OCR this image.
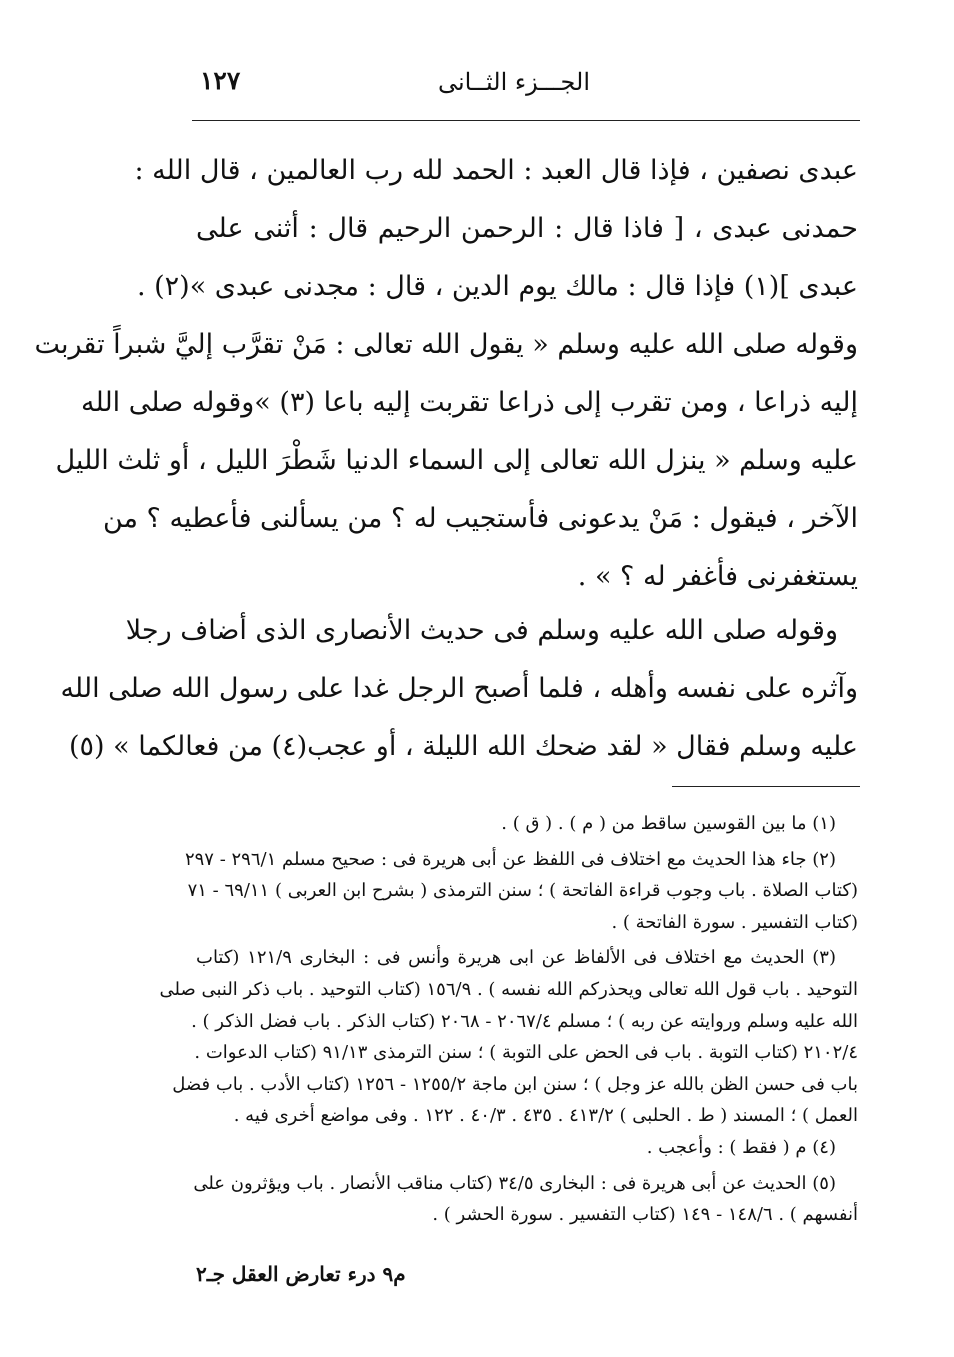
الجـــزء الثــانى
١٢٧
عبدى نصفين ، فإذا قال العبد : الحمد لله رب العالمين ، قال الله :
حمدنى عبدى ، [ فاذا قال : الرحمن الرحيم قال : أثنى على
عبدى ](١) فإذا قال : مالك يوم الدين ، قال : مجدنى عبدى »(٢) .
وقوله صلى الله عليه وسلم « يقول الله تعالى : مَنْ تقرَّب إليَّ شبراً تقربت
إليه ذراعا ، ومن تقرب إلى ذراعا تقربت إليه باعا (٣) »وقوله صلى الله
عليه وسلم « ينزل الله تعالى إلى السماء الدنيا شَطْرَ الليل ، أو ثلث الليل
الآخر ، فيقول : مَنْ يدعونى فأستجيب له ؟ من يسألنى فأعطيه ؟ من
يستغفرنى فأغفر له ؟ » .
وقوله صلى الله عليه وسلم فى حديث الأنصارى الذى أضاف رجلا
وآثره على نفسه وأهله ، فلما أصبح الرجل غدا على رسول الله صلى الله
عليه وسلم فقال « لقد ضحك الله الليلة ، أو عجب(٤) من فعالكما » (٥)
(١) ما بين القوسين ساقط من ( م ) . ( ق ) .
(٢) جاء هذا الحديث مع اختلاف فى اللفظ عن أبى هريرة فى : صحيح مسلم ٢٩٦/١ - ٢٩٧
(كتاب الصلاة . باب وجوب قراءة الفاتحة ) ؛ سنن الترمذى ( بشرح ابن العربى ) ٦٩/١١ - ٧١
(كتاب التفسير . سورة الفاتحة ) .
(٣) الحديث مع اختلاف فى الألفاظ عن ابى هريرة وأنس فى : البخارى ١٢١/٩ (كتاب
التوحيد . باب قول الله تعالى ويحذركم الله نفسه ) . ١٥٦/٩ (كتاب التوحيد . باب ذكر النبى صلى
الله عليه وسلم وروايته عن ربه ) ؛ مسلم ٢٠٦٧/٤ - ٢٠٦٨ (كتاب الذكر . باب فضل الذكر ) .
٢١٠٢/٤ (كتاب التوبة . باب فى الحض على التوبة ) ؛ سنن الترمذى ٩١/١٣ (كتاب الدعوات .
باب فى حسن الظن بالله عز وجل ) ؛ سنن ابن ماجة ١٢٥٥/٢ - ١٢٥٦ (كتاب الأدب . باب فضل
العمل ) ؛ المسند ( ط . الحلبى ) ٤١٣/٢ . ٤٣٥ . ٤٠/٣ . ١٢٢ . وفى مواضع أخرى فيه .
(٤) م ( فقط ) : وأعجب .
(٥) الحديث عن أبى هريرة فى : البخارى ٣٤/٥ (كتاب مناقب الأنصار . باب ويؤثرون على
أنفسهم ) . ١٤٨/٦ - ١٤٩ (كتاب التفسير . سورة الحشر ) .
م٩ درء تعارض العقل جـ٢
